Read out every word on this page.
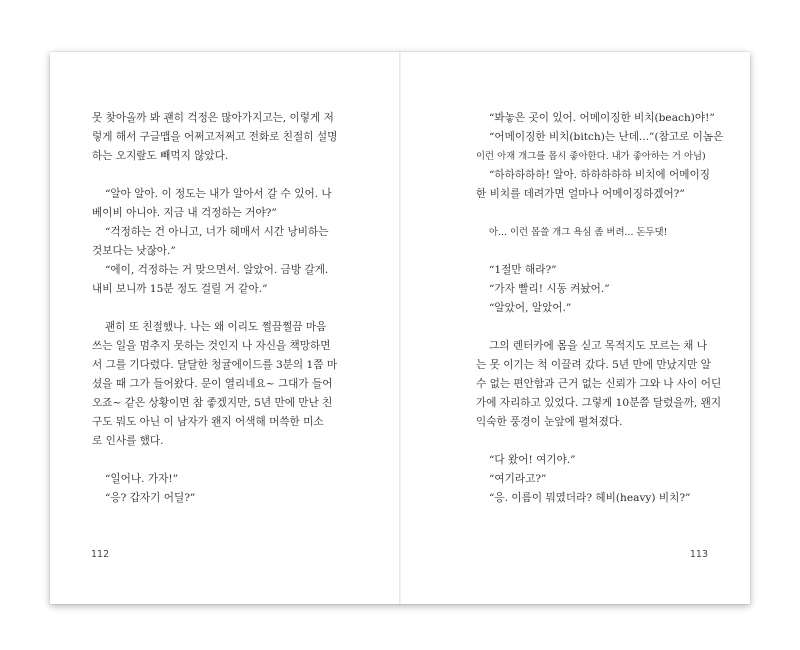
못 찾아올까 봐 괜히 걱정은 많아가지고는, 이렇게 저
렇게 해서 구글맵을 어쩌고저쩌고 전화로 친절히 설명
하는 오지랖도 빼먹지 않았다.
“알아 알아. 이 정도는 내가 알아서 갈 수 있어. 나
베이비 아니야. 지금 내 걱정하는 거야?”
“걱정하는 건 아니고, 너가 헤매서 시간 낭비하는
것보다는 낫잖아.”
“에이, 걱정하는 거 맞으면서. 알았어. 금방 갈게.
내비 보니까 15분 정도 걸릴 거 같아.”
괜히 또 친절했나. 나는 왜 이리도 쩔끔쩔끔 마음
쓰는 일을 멈추지 못하는 것인지 나 자신을 책망하면
서 그를 기다렸다. 달달한 청귤에이드를 3분의 1쯤 마
셨을 때 그가 들어왔다. 문이 열리네요~ 그대가 들어
오죠~ 같은 상황이면 참 좋겠지만, 5년 만에 만난 친
구도 뭐도 아닌 이 남자가 왠지 어색해 머쓱한 미소
로 인사를 했다.
“일어나. 가자!”
“응? 갑자기 어딜?”
112
“봐놓은 곳이 있어. 어메이징한 비치(beach)야!”
“어메이징한 비치(bitch)는 난데...”(참고로 이놈은
이런 아재 개그를 몹시 좋아한다. 내가 좋아하는 거 아님)
“하하하하하! 알아. 하하하하하 비치에 어메이징
한 비치를 데려가면 얼마나 어메이징하겠어?”
아... 이런 몹쓸 개그 욕심 좀 버려... 돈두댓!
“1절만 해라?”
“가자 빨리! 시동 켜놨어.”
“알았어, 알았어.”
그의 렌터카에 몸을 싣고 목적지도 모르는 채 나
는 못 이기는 척 이끌려 갔다. 5년 만에 만났지만 알
수 없는 편안함과 근거 없는 신뢰가 그와 나 사이 어딘
가에 자리하고 있었다. 그렇게 10분쯤 달렸을까, 왠지
익숙한 풍경이 눈앞에 펼쳐졌다.
“다 왔어! 여기야.”
“여기라고?”
“응. 이름이 뭐였더라? 헤비(heavy) 비치?”
113
